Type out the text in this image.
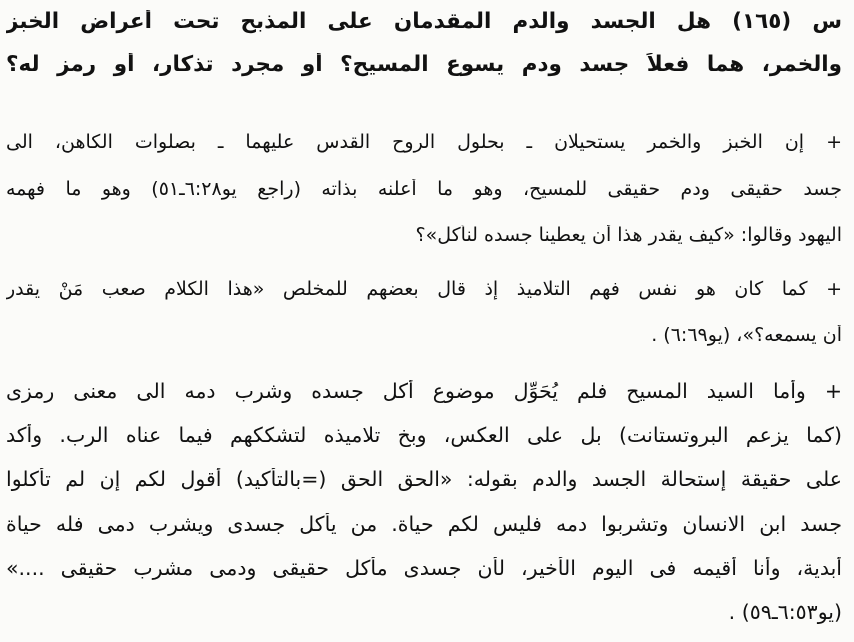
س (١٦٥) هل الجسد والدم المقدمان على المذبح تحت أعراض الخبز
والخمر، هما فعلاً جسد ودم يسوع المسيح؟ أو مجرد تذكار، أو رمز له؟
+ إن الخبز والخمر يستحيلان ـ بحلول الروح القدس عليهما ـ بصلوات الكاهن، الى
جسد حقيقى ودم حقيقى للمسيح، وهو ما أعلنه بذاته (راجع يو٦:٢٨ـ٥١) وهو ما فهمه
اليهود وقالوا: «كيف يقدر هذا أن يعطينا جسده لنأكل»؟
+ كما كان هو نفس فهم التلاميذ إذ قال بعضهم للمخلص «هذا الكلام صعب مَنْ يقدر
أن يسمعه؟»، (يو٦:٦٩) .
+ وأما السيد المسيح فلم يُحَوِّل موضوع أكل جسده وشرب دمه الى معنى رمزى
(كما يزعم البروتستانت) بل على العكس، وبخ تلاميذه لتشككهم فيما عناه الرب. وأكد
على حقيقة إستحالة الجسد والدم بقوله: «الحق الحق (=بالتأكيد) أقول لكم إن لم تأكلوا
جسد ابن الانسان وتشربوا دمه فليس لكم حياة. من يأكل جسدى ويشرب دمى فله حياة
أبدية، وأنا أقيمه فى اليوم الأخير، لأن جسدى مأكل حقيقى ودمى مشرب حقيقى ....»
(يو٦:٥٣ـ٥٩) .
